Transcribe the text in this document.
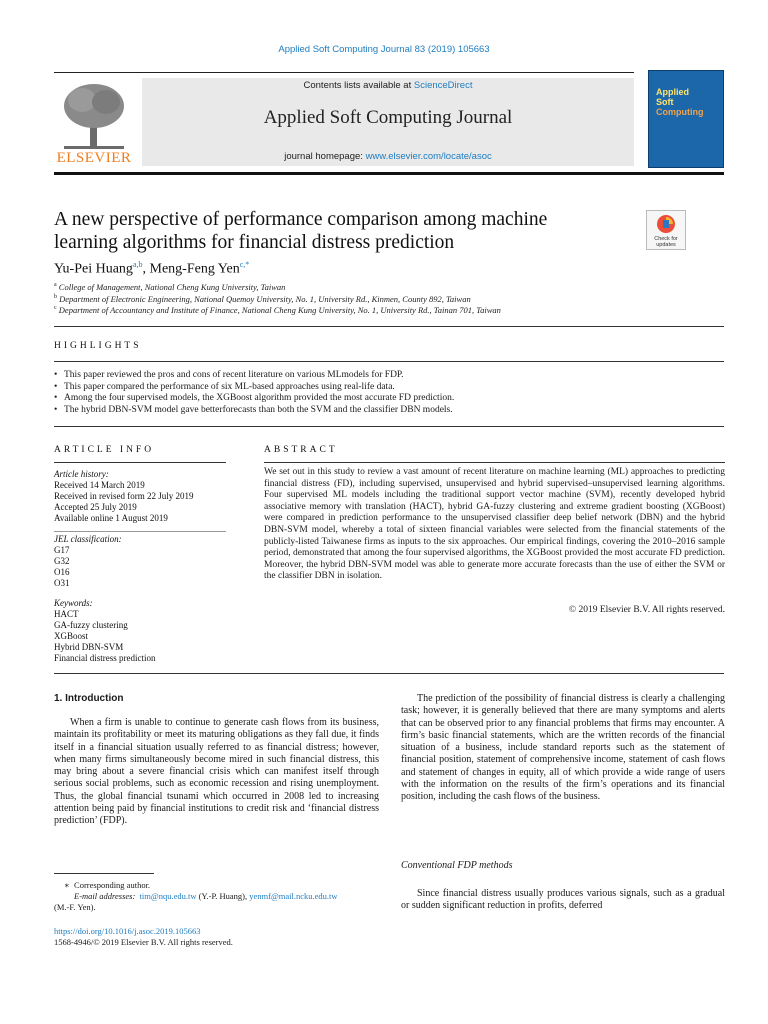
Applied Soft Computing Journal 83 (2019) 105663
ELSEVIER
Contents lists available at ScienceDirect
Applied Soft Computing Journal
journal homepage: www.elsevier.com/locate/asoc
Applied
Soft
Computing
A new perspective of performance comparison among machine
learning algorithms for financial distress prediction	Check for
updates
Yu-Pei Huang$^{a,b}$, Meng-Feng Yen$^{c,*}$
$^a$ College of Management, National Cheng Kung University, Taiwan
$^b$ Department of Electronic Engineering, National Quemoy University, No. 1, University Rd., Kinmen, County 892, Taiwan
$^c$ Department of Accountancy and Institute of Finance, National Cheng Kung University, No. 1, University Rd., Tainan 701, Taiwan
HIGHLIGHTS
• This paper reviewed the pros and cons of recent literature on various MLmodels for FDP.
• This paper compared the performance of six ML-based approaches using real-life data.
• Among the four supervised models, the XGBoost algorithm provided the most accurate FD prediction.
• The hybrid DBN-SVM model gave betterforecasts than both the SVM and the classifier DBN models.
ARTICLE INFO
Article history:
Received 14 March 2019
Received in revised form 22 July 2019
Accepted 25 July 2019
Available online 1 August 2019
JEL classification:
G17
G32
O16
O31
Keywords:
HACT
GA-fuzzy clustering
XGBoost
Hybrid DBN-SVM
Financial distress prediction
ABSTRACT
We set out in this study to review a vast amount of recent literature on machine learning (ML) approaches to predicting financial distress (FD), including supervised, unsupervised and hybrid supervised–unsupervised learning algorithms. Four supervised ML models including the traditional support vector machine (SVM), recently developed hybrid associative memory with translation (HACT), hybrid GA-fuzzy clustering and extreme gradient boosting (XGBoost) were compared in prediction performance to the unsupervised classifier deep belief network (DBN) and the hybrid DBN-SVM model, whereby a total of sixteen financial variables were selected from the financial statements of the publicly-listed Taiwanese firms as inputs to the six approaches. Our empirical findings, covering the 2010–2016 sample period, demonstrated that among the four supervised algorithms, the XGBoost provided the most accurate FD prediction. Moreover, the hybrid DBN-SVM model was able to generate more accurate forecasts than the use of either the SVM or the classifier DBN in isolation.
© 2019 Elsevier B.V. All rights reserved.
1. Introduction
When a firm is unable to continue to generate cash flows from its business, maintain its profitability or meet its maturing obligations as they fall due, it finds itself in a financial situation usually referred to as financial distress; however, when many firms simultaneously become mired in such financial distress, this may bring about a severe financial crisis which can manifest itself through serious social problems, such as economic recession and rising unemployment. Thus, the global financial tsunami which occurred in 2008 led to increasing attention being paid by financial institutions to credit risk and ‘financial distress prediction’ (FDP).
The prediction of the possibility of financial distress is clearly a challenging task; however, it is generally believed that there are many symptoms and alerts that can be observed prior to any financial problems that firms may encounter. A firm’s basic financial statements, which are the written records of the financial situation of a business, include standard reports such as the statement of financial position, statement of comprehensive income, statement of cash flows and statement of changes in equity, all of which provide a wide range of users with the information on the results of the firm’s operations and its financial position, including the cash flows of the business.
Conventional FDP methods
Since financial distress usually produces various signals, such as a gradual or sudden significant reduction in profits, deferred
∗  Corresponding author.
E-mail addresses: tim@nqu.edu.tw (Y.-P. Huang), yenmf@mail.ncku.edu.tw
(M.-F. Yen).
https://doi.org/10.1016/j.asoc.2019.105663
1568-4946/© 2019 Elsevier B.V. All rights reserved.
